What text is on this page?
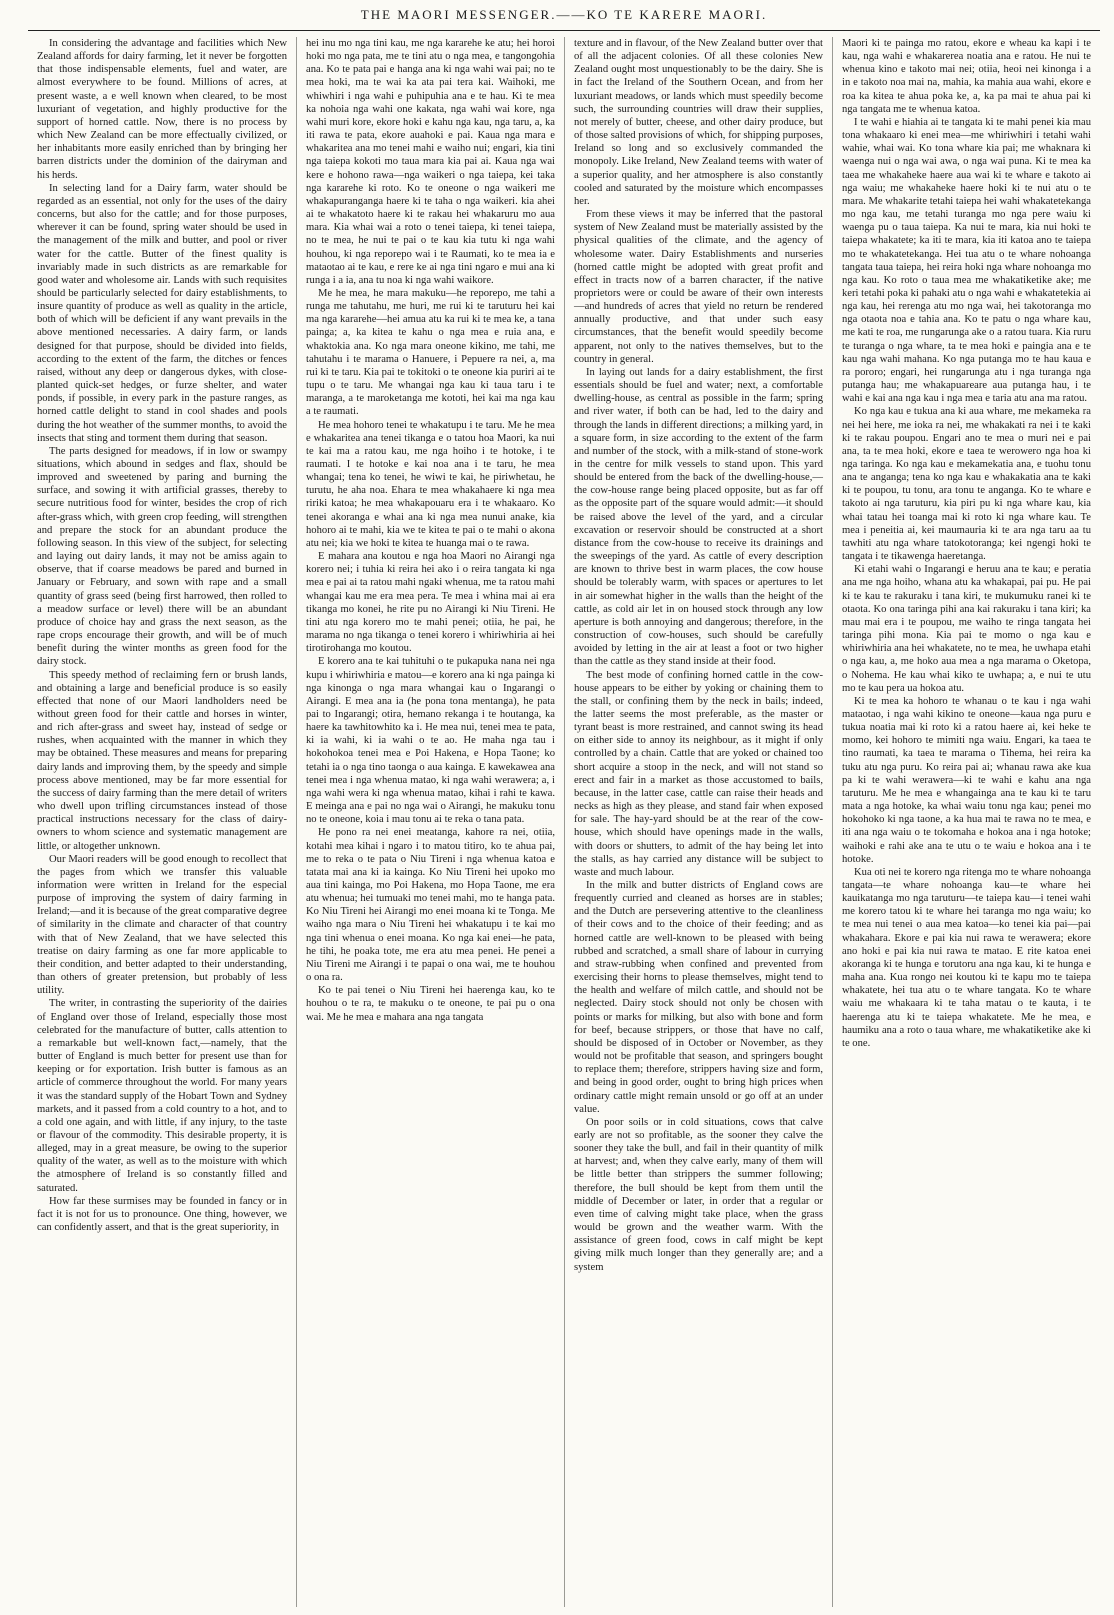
THE MAORI MESSENGER.——KO TE KARERE MAORI.

In considering the advantage and facilities which New Zealand affords for dairy farming, let it never be forgotten that those indispensable elements, fuel and water, are almost everywhere to be found. Millions of acres, at present waste, a e well known when cleared, to be most luxuriant of vegetation, and highly productive for the support of horned cattle. Now, there is no process by which New Zealand can be more effectually civilized, or her inhabitants more easily enriched than by bringing her barren districts under the dominion of the dairyman and his herds.

In selecting land for a Dairy farm, water should be regarded as an essential, not only for the uses of the dairy concerns, but also for the cattle; and for those purposes, wherever it can be found, spring water should be used in the management of the milk and butter, and pool or river water for the cattle. Butter of the finest quality is invariably made in such districts as are remarkable for good water and wholesome air. Lands with such requisites should be particularly selected for dairy establishments, to insure quantity of produce as well as quality in the article, both of which will be deficient if any want prevails in the above mentioned necessaries. A dairy farm, or lands designed for that purpose, should be divided into fields, according to the extent of the farm, the ditches or fences raised, without any deep or dangerous dykes, with close-planted quick-set hedges, or furze shelter, and water ponds, if possible, in every park in the pasture ranges, as horned cattle delight to stand in cool shades and pools during the hot weather of the summer months, to avoid the insects that sting and torment them during that season.

The parts designed for meadows, if in low or swampy situations, which abound in sedges and flax, should be improved and sweetened by paring and burning the surface, and sowing it with artificial grasses, thereby to secure nutritious food for winter, besides the crop of rich after-grass which, with green crop feeding, will strengthen and prepare the stock for an abundant produce the following season. In this view of the subject, for selecting and laying out dairy lands, it may not be amiss again to observe, that if coarse meadows be pared and burned in January or February, and sown with rape and a small quantity of grass seed (being first harrowed, then rolled to a meadow surface or level) there will be an abundant produce of choice hay and grass the next season, as the rape crops encourage their growth, and will be of much benefit during the winter months as green food for the dairy stock.

This speedy method of reclaiming fern or brush lands, and obtaining a large and beneficial produce is so easily effected that none of our Maori landholders need be without green food for their cattle and horses in winter, and rich after-grass and sweet hay, instead of sedge or rushes, when acquainted with the manner in which they may be obtained. These measures and means for preparing dairy lands and improving them, by the speedy and simple process above mentioned, may be far more essential for the success of dairy farming than the mere detail of writers who dwell upon trifling circumstances instead of those practical instructions necessary for the class of dairy-owners to whom science and systematic management are little, or altogether unknown.

Our Maori readers will be good enough to recollect that the pages from which we transfer this valuable information were written in Ireland for the especial purpose of improving the system of dairy farming in Ireland;—and it is because of the great comparative degree of similarity in the climate and character of that country with that of New Zealand, that we have selected this treatise on dairy farming as one far more applicable to their condition, and better adapted to their understanding, than others of greater pretension, but probably of less utility.

The writer, in contrasting the superiority of the dairies of England over those of Ireland, especially those most celebrated for the manufacture of butter, calls attention to a remarkable but well-known fact,—namely, that the butter of England is much better for present use than for keeping or for exportation. Irish butter is famous as an article of commerce throughout the world. For many years it was the standard supply of the Hobart Town and Sydney markets, and it passed from a cold country to a hot, and to a cold one again, and with little, if any injury, to the taste or flavour of the commodity. This desirable property, it is alleged, may in a great measure, be owing to the superior quality of the water, as well as to the moisture with which the atmosphere of Ireland is so constantly filled and saturated.

How far these surmises may be founded in fancy or in fact it is not for us to pronounce. One thing, however, we can confidently assert, and that is the great superiority, in

hei inu mo nga tini kau, me nga kararehe ke atu; hei horoi hoki mo nga pata, me te tini atu o nga mea, e tangongohia ana. Ko te pata pai e hanga ana ki nga wahi wai pai; no te mea hoki, ma te wai ka ata pai tera kai. Waihoki, me whiwhiri i nga wahi e puhipuhia ana e te hau. Ki te mea ka nohoia nga wahi one kakata, nga wahi wai kore, nga wahi muri kore, ekore hoki e kahu nga kau, nga taru, a, ka iti rawa te pata, ekore auahoki e pai. Kaua nga mara e whakaritea ana mo tenei mahi e waiho nui; engari, kia tini nga taiepa kokoti mo taua mara kia pai ai. Kaua nga wai kere e hohono rawa—nga waikeri o nga taiepa, kei taka nga kararehe ki roto. Ko te oneone o nga waikeri me whakapuranganga haere ki te taha o nga waikeri. kia ahei ai te whakatoto haere ki te rakau hei whakaruru mo aua mara. Kia whai wai a roto o tenei taiepa, ki tenei taiepa, no te mea, he nui te pai o te kau kia tutu ki nga wahi houhou, ki nga reporepo wai i te Raumati, ko te mea ia e mataotao ai te kau, e rere ke ai nga tini ngaro e mui ana ki runga i a ia, ana tu noa ki nga wahi waikore.

Me he mea, he mara makuku—he reporepo, me tahi a runga me tahutahu, me huri, me rui ki te taruturu hei kai ma nga kararehe—hei amua atu ka rui ki te mea ke, a tana painga; a, ka kitea te kahu o nga mea e ruia ana, e whaktokia ana. Ko nga mara oneone kikino, me tahi, me tahutahu i te marama o Hanuere, i Pepuere ra nei, a, ma rui ki te taru. Kia pai te tokitoki o te oneone kia puriri ai te tupu o te taru. Me whangai nga kau ki taua taru i te maranga, a te maroketanga me kototi, hei kai ma nga kau a te raumati.

He mea hohoro tenei te whakatupu i te taru. Me he mea e whakaritea ana tenei tikanga e o tatou hoa Maori, ka nui te kai ma a ratou kau, me nga hoiho i te hotoke, i te raumati. I te hotoke e kai noa ana i te taru, he mea whangai; tena ko tenei, he wiwi te kai, he piriwhetau, he turutu, he aha noa. Ehara te mea whakahaere ki nga mea ririki katoa; he mea whakapouaru era i te whakaaro. Ko tenei akoranga e whai ana ki nga mea nunui anake, kia hohoro ai te mahi, kia we te kitea te pai o te mahi o akona atu nei; kia we hoki te kitea te huanga mai o te rawa.

E mahara ana koutou e nga hoa Maori no Airangi nga korero nei; i tuhia ki reira hei ako i o reira tangata ki nga mea e pai ai ta ratou mahi ngaki whenua, me ta ratou mahi whangai kau me era mea pera. Te mea i whina mai ai era tikanga mo konei, he rite pu no Airangi ki Niu Tireni. He tini atu nga korero mo te mahi penei; otiia, he pai, he marama no nga tikanga o tenei korero i whiriwhiria ai hei tirotirohanga mo koutou.

E korero ana te kai tuhituhi o te pukapuka nana nei nga kupu i whiriwhiria e matou—e korero ana ki nga painga ki nga kinonga o nga mara whangai kau o Ingarangi o Airangi. E mea ana ia (he pona tona mentanga), he pata pai to Ingarangi; otira, hemano rekanga i te houtanga, ka haere ka tawhitowhito ka i. He mea nui, tenei mea te pata, ki ia wahi, ki ia wahi o te ao. He maha nga tau i hokohokoa tenei mea e Poi Hakena, e Hopa Taone; ko tetahi ia o nga tino taonga o aua kainga. E kawekawea ana tenei mea i nga whenua matao, ki nga wahi werawera; a, i nga wahi wera ki nga whenua matao, kihai i rahi te kawa. E meinga ana e pai no nga wai o Airangi, he makuku tonu no te oneone, koia i mau tonu ai te reka o tana pata.

He pono ra nei enei meatanga, kahore ra nei, otiia, kotahi mea kihai i ngaro i to matou titiro, ko te ahua pai, me to reka o te pata o Niu Tireni i nga whenua katoa e tatata mai ana ki ia kainga. Ko Niu Tireni hei upoko mo aua tini kainga, mo Poi Hakena, mo Hopa Taone, me era atu whenua; hei tumuaki mo tenei mahi, mo te hanga pata. Ko Niu Tireni hei Airangi mo enei moana ki te Tonga. Me waiho nga mara o Niu Tireni hei whakatupu i te kai mo nga tini whenua o enei moana. Ko nga kai enei—he pata, he tihi, he poaka tote, me era atu mea penei. He penei a Niu Tireni me Airangi i te papai o ona wai, me te houhou o ona ra.

Ko te pai tenei o Niu Tireni hei haerenga kau, ko te houhou o te ra, te makuku o te oneone, te pai pu o ona wai. Me he mea e mahara ana nga tangata

texture and in flavour, of the New Zealand butter over that of all the adjacent colonies. Of all these colonies New Zealand ought most unquestionably to be the dairy. She is in fact the Ireland of the Southern Ocean, and from her luxuriant meadows, or lands which must speedily become such, the surrounding countries will draw their supplies, not merely of butter, cheese, and other dairy produce, but of those salted provisions of which, for shipping purposes, Ireland so long and so exclusively commanded the monopoly. Like Ireland, New Zealand teems with water of a superior quality, and her atmosphere is also constantly cooled and saturated by the moisture which encompasses her.

From these views it may be inferred that the pastoral system of New Zealand must be materially assisted by the physical qualities of the climate, and the agency of wholesome water. Dairy Establishments and nurseries (horned cattle might be adopted with great profit and effect in tracts now of a barren character, if the native proprietors were or could be aware of their own interests—and hundreds of acres that yield no return be rendered annually productive, and that under such easy circumstances, that the benefit would speedily become apparent, not only to the natives themselves, but to the country in general.

In laying out lands for a dairy establishment, the first essentials should be fuel and water; next, a comfortable dwelling-house, as central as possible in the farm; spring and river water, if both can be had, led to the dairy and through the lands in different directions; a milking yard, in a square form, in size according to the extent of the farm and number of the stock, with a milk-stand of stone-work in the centre for milk vessels to stand upon. This yard should be entered from the back of the dwelling-house,—the cow-house range being placed opposite, but as far off as the opposite part of the square would admit:—it should be raised above the level of the yard, and a circular excavation or reservoir should be constructed at a short distance from the cow-house to receive its drainings and the sweepings of the yard. As cattle of every description are known to thrive best in warm places, the cow house should be tolerably warm, with spaces or apertures to let in air somewhat higher in the walls than the height of the cattle, as cold air let in on housed stock through any low aperture is both annoying and dangerous; therefore, in the construction of cow-houses, such should be carefully avoided by letting in the air at least a foot or two higher than the cattle as they stand inside at their food.

The best mode of confining horned cattle in the cow-house appears to be either by yoking or chaining them to the stall, or confining them by the neck in bails; indeed, the latter seems the most preferable, as the master or tyrant beast is more restrained, and cannot swing its head on either side to annoy its neighbour, as it might if only controlled by a chain. Cattle that are yoked or chained too short acquire a stoop in the neck, and will not stand so erect and fair in a market as those accustomed to bails, because, in the latter case, cattle can raise their heads and necks as high as they please, and stand fair when exposed for sale. The hay-yard should be at the rear of the cow-house, which should have openings made in the walls, with doors or shutters, to admit of the hay being let into the stalls, as hay carried any distance will be subject to waste and much labour.

In the milk and butter districts of England cows are frequently curried and cleaned as horses are in stables; and the Dutch are persevering attentive to the cleanliness of their cows and to the choice of their feeding; and as horned cattle are well-known to be pleased with being rubbed and scratched, a small share of labour in currying and straw-rubbing when confined and prevented from exercising their horns to please themselves, might tend to the health and welfare of milch cattle, and should not be neglected. Dairy stock should not only be chosen with points or marks for milking, but also with bone and form for beef, because strippers, or those that have no calf, should be disposed of in October or November, as they would not be profitable that season, and springers bought to replace them; therefore, strippers having size and form, and being in good order, ought to bring high prices when ordinary cattle might remain unsold or go off at an under value.

On poor soils or in cold situations, cows that calve early are not so profitable, as the sooner they calve the sooner they take the bull, and fail in their quantity of milk at harvest; and, when they calve early, many of them will be little better than strippers the summer following; therefore, the bull should be kept from them until the middle of December or later, in order that a regular or even time of calving might take place, when the grass would be grown and the weather warm. With the assistance of green food, cows in calf might be kept giving milk much longer than they generally are; and a system

Maori ki te painga mo ratou, ekore e wheau ka kapi i te kau, nga wahi e whakarerea noatia ana e ratou. He nui te whenua kino e takoto mai nei; otiia, heoi nei kinonga i a in e takoto noa mai na, mahia, ka mahia aua wahi, ekore e roa ka kitea te ahua poka ke, a, ka pa mai te ahua pai ki nga tangata me te whenua katoa.

I te wahi e hiahia ai te tangata ki te mahi penei kia mau tona whakaaro ki enei mea—me whiriwhiri i tetahi wahi wahie, whai wai. Ko tona whare kia pai; me whaknara ki waenga nui o nga wai awa, o nga wai puna. Ki te mea ka taea me whakaheke haere aua wai ki te whare e takoto ai nga waiu; me whakaheke haere hoki ki te nui atu o te mara. Me whakarite tetahi taiepa hei wahi whakatetekanga mo nga kau, me tetahi turanga mo nga pere waiu ki waenga pu o taua taiepa. Ka nui te mara, kia nui hoki te taiepa whakatete; ka iti te mara, kia iti katoa ano te taiepa mo te whakatetekanga. Hei tua atu o te whare nohoanga tangata taua taiepa, hei reira hoki nga whare nohoanga mo nga kau. Ko roto o taua mea me whakatiketike ake; me keri tetahi poka ki pahaki atu o nga wahi e whakatetekia ai nga kau, hei rerenga atu mo nga wai, hei takotoranga mo nga otaota noa e tahia ana. Ko te patu o nga whare kau, me kati te roa, me rungarunga ake o a ratou tuara. Kia ruru te turanga o nga whare, ta te mea hoki e paingia ana e te kau nga wahi mahana. Ko nga putanga mo te hau kaua e ra pororo; engari, hei rungarunga atu i nga turanga nga putanga hau; me whakapuareare aua putanga hau, i te wahi e kai ana nga kau i nga mea e taria atu ana ma ratou.

Ko nga kau e tukua ana ki aua whare, me mekameka ra nei hei here, me ioka ra nei, me whakakati ra nei i te kaki ki te rakau poupou. Engari ano te mea o muri nei e pai ana, ta te mea hoki, ekore e taea te werowero nga hoa ki nga taringa. Ko nga kau e mekamekatia ana, e tuohu tonu ana te anganga; tena ko nga kau e whakakatia ana te kaki ki te poupou, tu tonu, ara tonu te anganga. Ko te whare e takoto ai nga taruturu, kia piri pu ki nga whare kau, kia whai tatau hei toanga mai ki roto ki nga whare kau. Te mea i peneitia ai, kei maumauria ki te ara nga taru aa tu tawhiti atu nga whare tatokotoranga; kei ngengi hoki te tangata i te tikawenga haeretanga.

Ki etahi wahi o Ingarangi e heruu ana te kau; e peratia ana me nga hoiho, whana atu ka whakapai, pai pu. He pai ki te kau te rakuraku i tana kiri, te mukumuku ranei ki te otaota. Ko ona taringa pihi ana kai rakuraku i tana kiri; ka mau mai era i te poupou, me waiho te ringa tangata hei taringa pihi mona. Kia pai te momo o nga kau e whiriwhiria ana hei whakatete, no te mea, he uwhapa etahi o nga kau, a, me hoko aua mea a nga marama o Oketopa, o Nohema. He kau whai kiko te uwhapa; a, e nui te utu mo te kau pera ua hokoa atu.

Ki te mea ka hohoro te whanau o te kau i nga wahi mataotao, i nga wahi kikino te oneone—kaua nga puru e tukua noatia mai ki roto ki a ratou haere ai, kei heke te momo, kei hohoro te mimiti nga waiu. Engari, ka taea te tino raumati, ka taea te marama o Tihema, hei reira ka tuku atu nga puru. Ko reira pai ai; whanau rawa ake kua pa ki te wahi werawera—ki te wahi e kahu ana nga taruturu. Me he mea e whangaingа ana te kau ki te taru mata a nga hotoke, ka whai waiu tonu nga kau; penei mo hokohoko ki nga taone, a ka hua mai te rawa no te mea, e iti ana nga waiu o te tokomaha e hokoa ana i nga hotoke; waihoki e rahi ake ana te utu o te waiu e hokoa ana i te hotoke.

Kua oti nei te korero nga ritenga mo te whare nohoanga tangata—te whare nohoanga kau—te whare hei kauikatanga mo nga taruturu—te taiepa kau—i tenei wahi me korero tatou ki te whare hei taranga mo nga waiu; ko te mea nui tenei o aua mea katoa—ko tenei kia pai—pai whakahara. Ekore e pai kia nui rawa te werawera; ekore ano hoki e pai kia nui rawa te matao. E rite katoa enei akoranga ki te hunga e torutoru ana nga kau, ki te hunga e maha ana. Kua rongo nei koutou ki te kapu mo te taiepa whakatete, hei tua atu o te whare tangata. Ko te whare waiu me whakaara ki te taha matau o te kauta, i te haerenga atu ki te taiepa whakatete. Me he mea, e haumiku ana a roto o taua whare, me whakatiketike ake ki te one.
